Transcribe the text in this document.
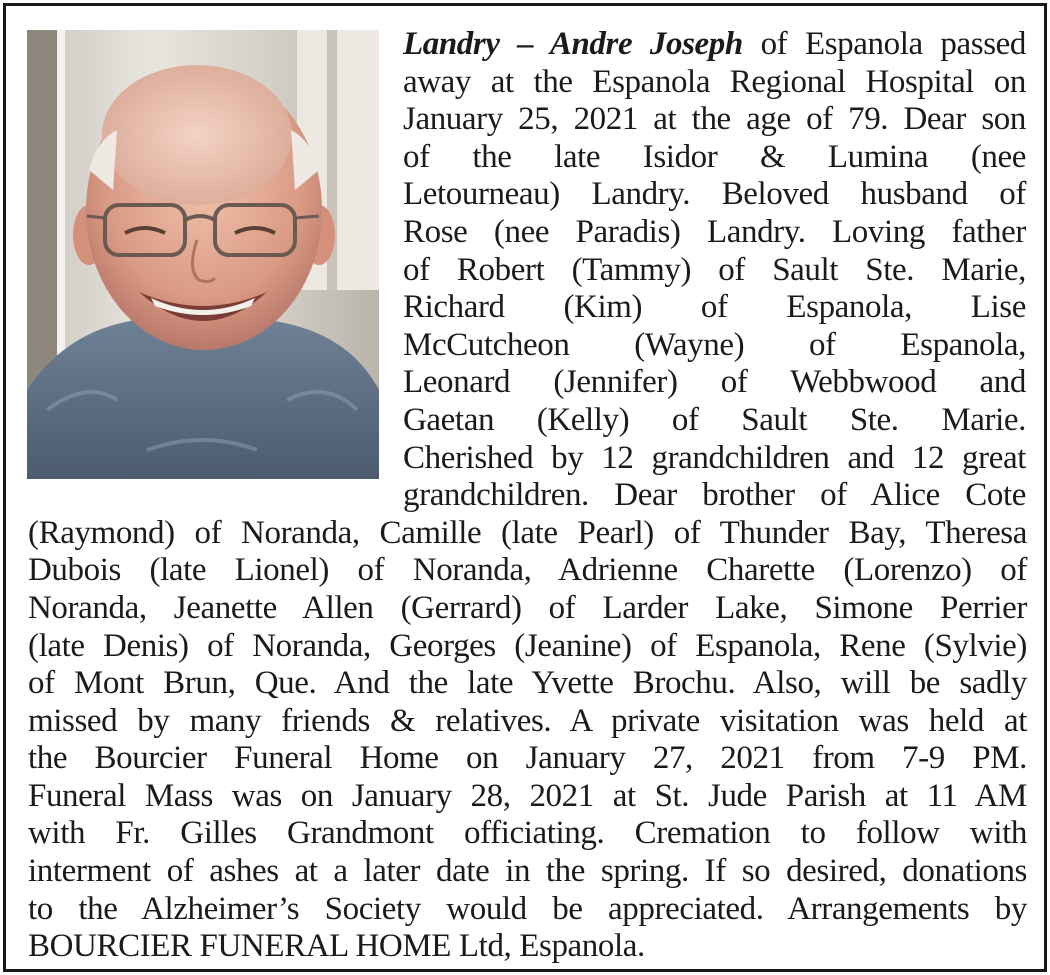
Landry – Andre Joseph of Espanola passed
away at the Espanola Regional Hospital on
January 25, 2021 at the age of 79. Dear son
of the late Isidor & Lumina (nee
Letourneau) Landry. Beloved husband of
Rose (nee Paradis) Landry. Loving father
of Robert (Tammy) of Sault Ste. Marie,
Richard (Kim) of Espanola, Lise
McCutcheon (Wayne) of Espanola,
Leonard (Jennifer) of Webbwood and
Gaetan (Kelly) of Sault Ste. Marie.
Cherished by 12 grandchildren and 12 great
grandchildren. Dear brother of Alice Cote
(Raymond) of Noranda, Camille (late Pearl) of Thunder Bay, Theresa
Dubois (late Lionel) of Noranda, Adrienne Charette (Lorenzo) of
Noranda, Jeanette Allen (Gerrard) of Larder Lake, Simone Perrier
(late Denis) of Noranda, Georges (Jeanine) of Espanola, Rene (Sylvie)
of Mont Brun, Que. And the late Yvette Brochu. Also, will be sadly
missed by many friends & relatives. A private visitation was held at
the Bourcier Funeral Home on January 27, 2021 from 7-9 PM.
Funeral Mass was on January 28, 2021 at St. Jude Parish at 11 AM
with Fr. Gilles Grandmont officiating. Cremation to follow with
interment of ashes at a later date in the spring. If so desired, donations
to the Alzheimer’s Society would be appreciated. Arrangements by
BOURCIER FUNERAL HOME Ltd, Espanola.
